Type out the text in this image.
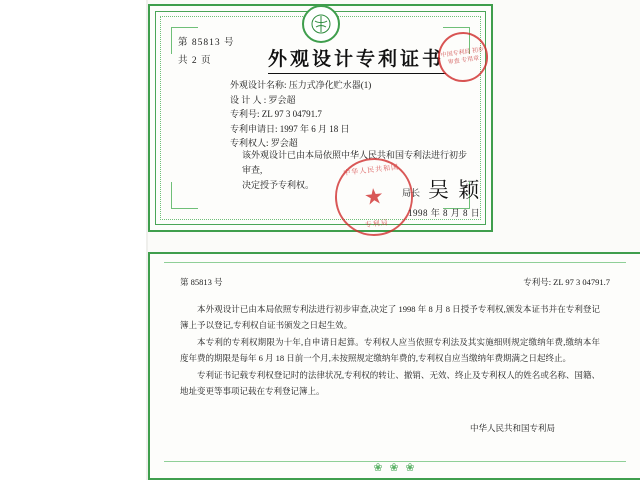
第 85813 号
共 2 页	外观设计专利证书
外观设计名称: 压力式净化贮水器(1)
设 计 人 : 罗会超
专利号: ZL 97 3 04791.7
专利申请日: 1997 年 6 月 18 日
专利权人: 罗会超
该外观设计已由本局依照中华人民共和国专利法进行初步审查,
决定授予专利权。
中华人民共和国
★
专利局
中国专利局 初步审查 专用章
局长 吴 颖
1998 年 8 月 8 日
第 85813 号	专利号: ZL 97 3 04791.7

本外观设计已由本局依照专利法进行初步审查,决定了 1998 年 8 月 8 日授予专利权,颁发本证书并在专利登记簿上予以登记,专利权自证书颁发之日起生效。

本专利的专利权期限为十年,自申请日起算。专利权人应当依照专利法及其实施细则规定缴纳年费,缴纳本年度年费的期限是每年 6 月 18 日前一个月,未按照规定缴纳年费的,专利权自应当缴纳年费期满之日起终止。

专利证书记载专利权登记时的法律状况,专利权的转让、撤销、无效、终止及专利权人的姓名或名称、国籍、地址变更等事项记载在专利登记簿上。

中华人民共和国专利局
❀ ❀ ❀
